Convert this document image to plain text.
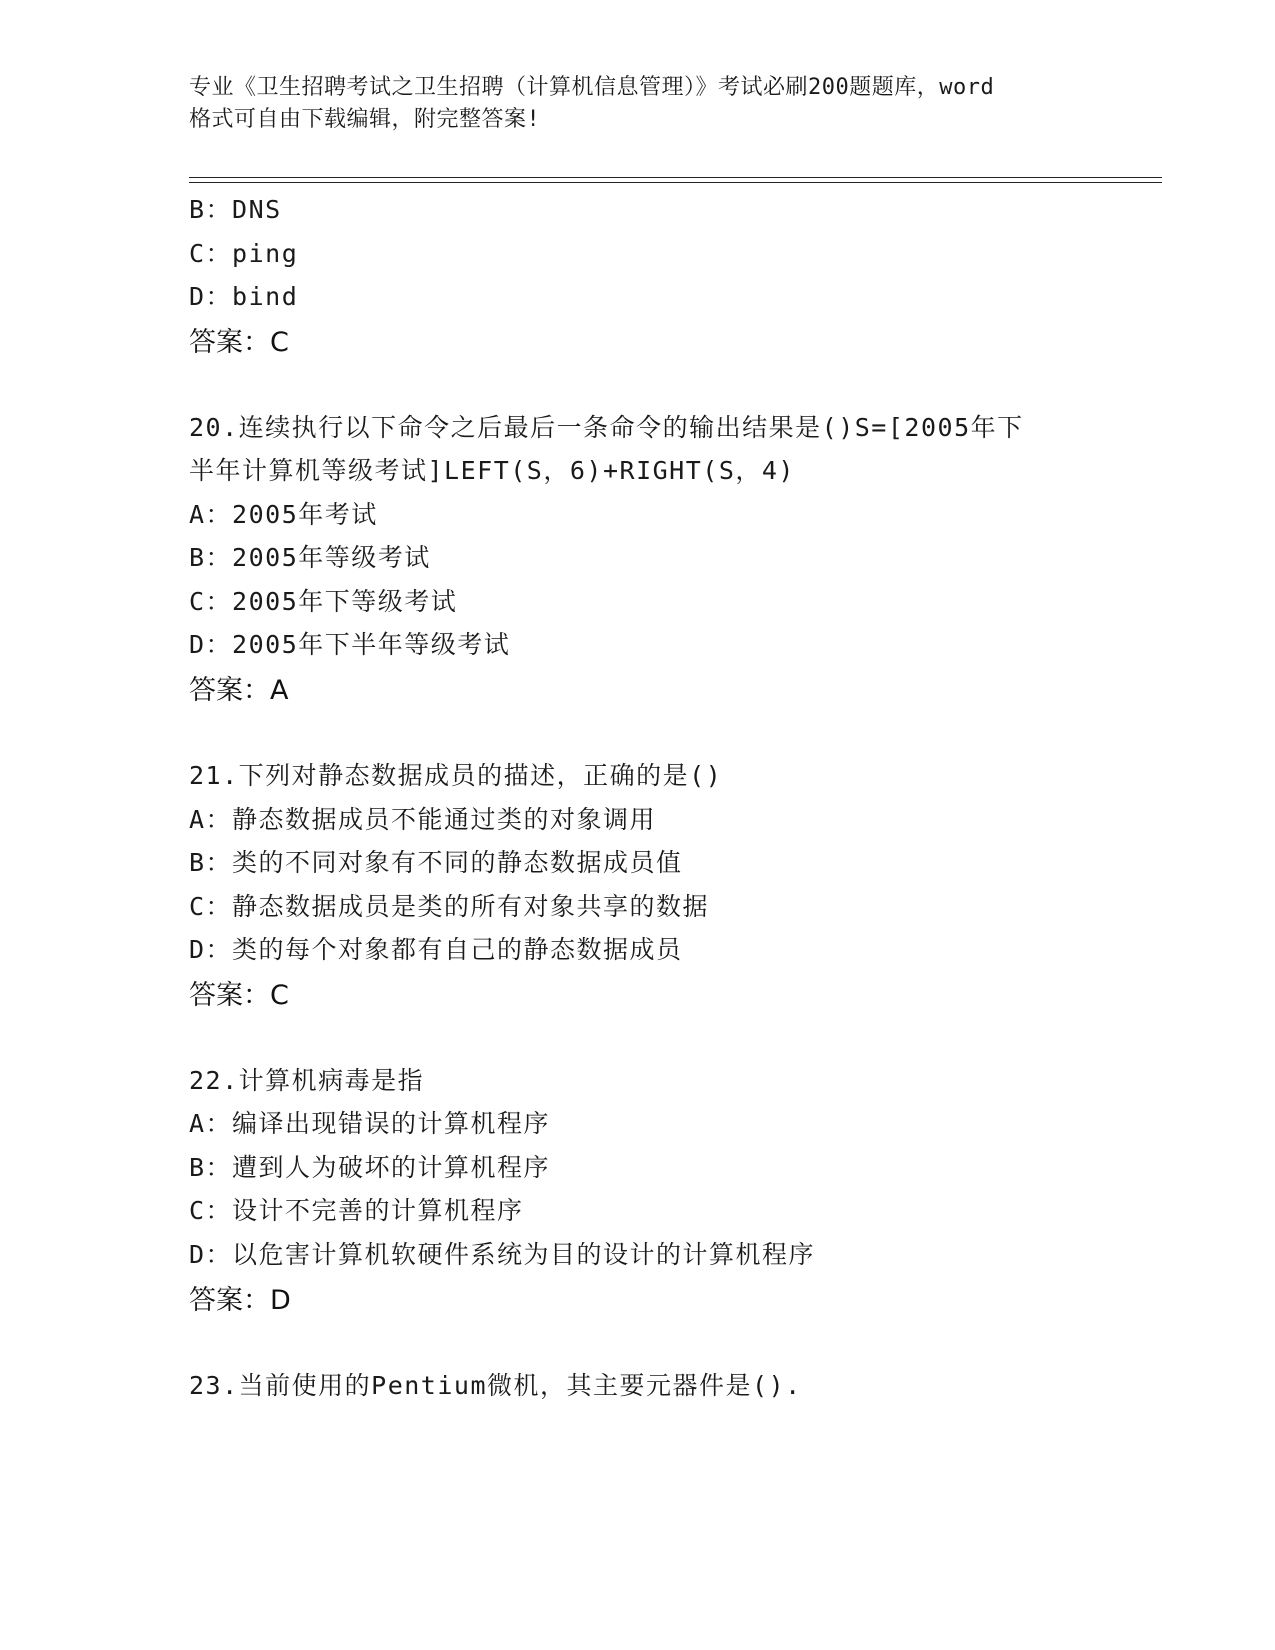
专业《卫生招聘考试之卫生招聘（计算机信息管理）》考试必刷200题题库，word
格式可自由下载编辑，附完整答案!
B：DNS
C：ping
D：bind
答案：C
20.连续执行以下命令之后最后一条命令的输出结果是()S=[2005年下
半年计算机等级考试]LEFT(S，6)+RIGHT(S，4)
A：2005年考试
B：2005年等级考试
C：2005年下等级考试
D：2005年下半年等级考试
答案：A
21.下列对静态数据成员的描述，正确的是()
A：静态数据成员不能通过类的对象调用
B：类的不同对象有不同的静态数据成员值
C：静态数据成员是类的所有对象共享的数据
D：类的每个对象都有自己的静态数据成员
答案：C
22.计算机病毒是指
A：编译出现错误的计算机程序
B：遭到人为破坏的计算机程序
C：设计不完善的计算机程序
D：以危害计算机软硬件系统为目的设计的计算机程序
答案：D
23.当前使用的Pentium微机，其主要元器件是().
